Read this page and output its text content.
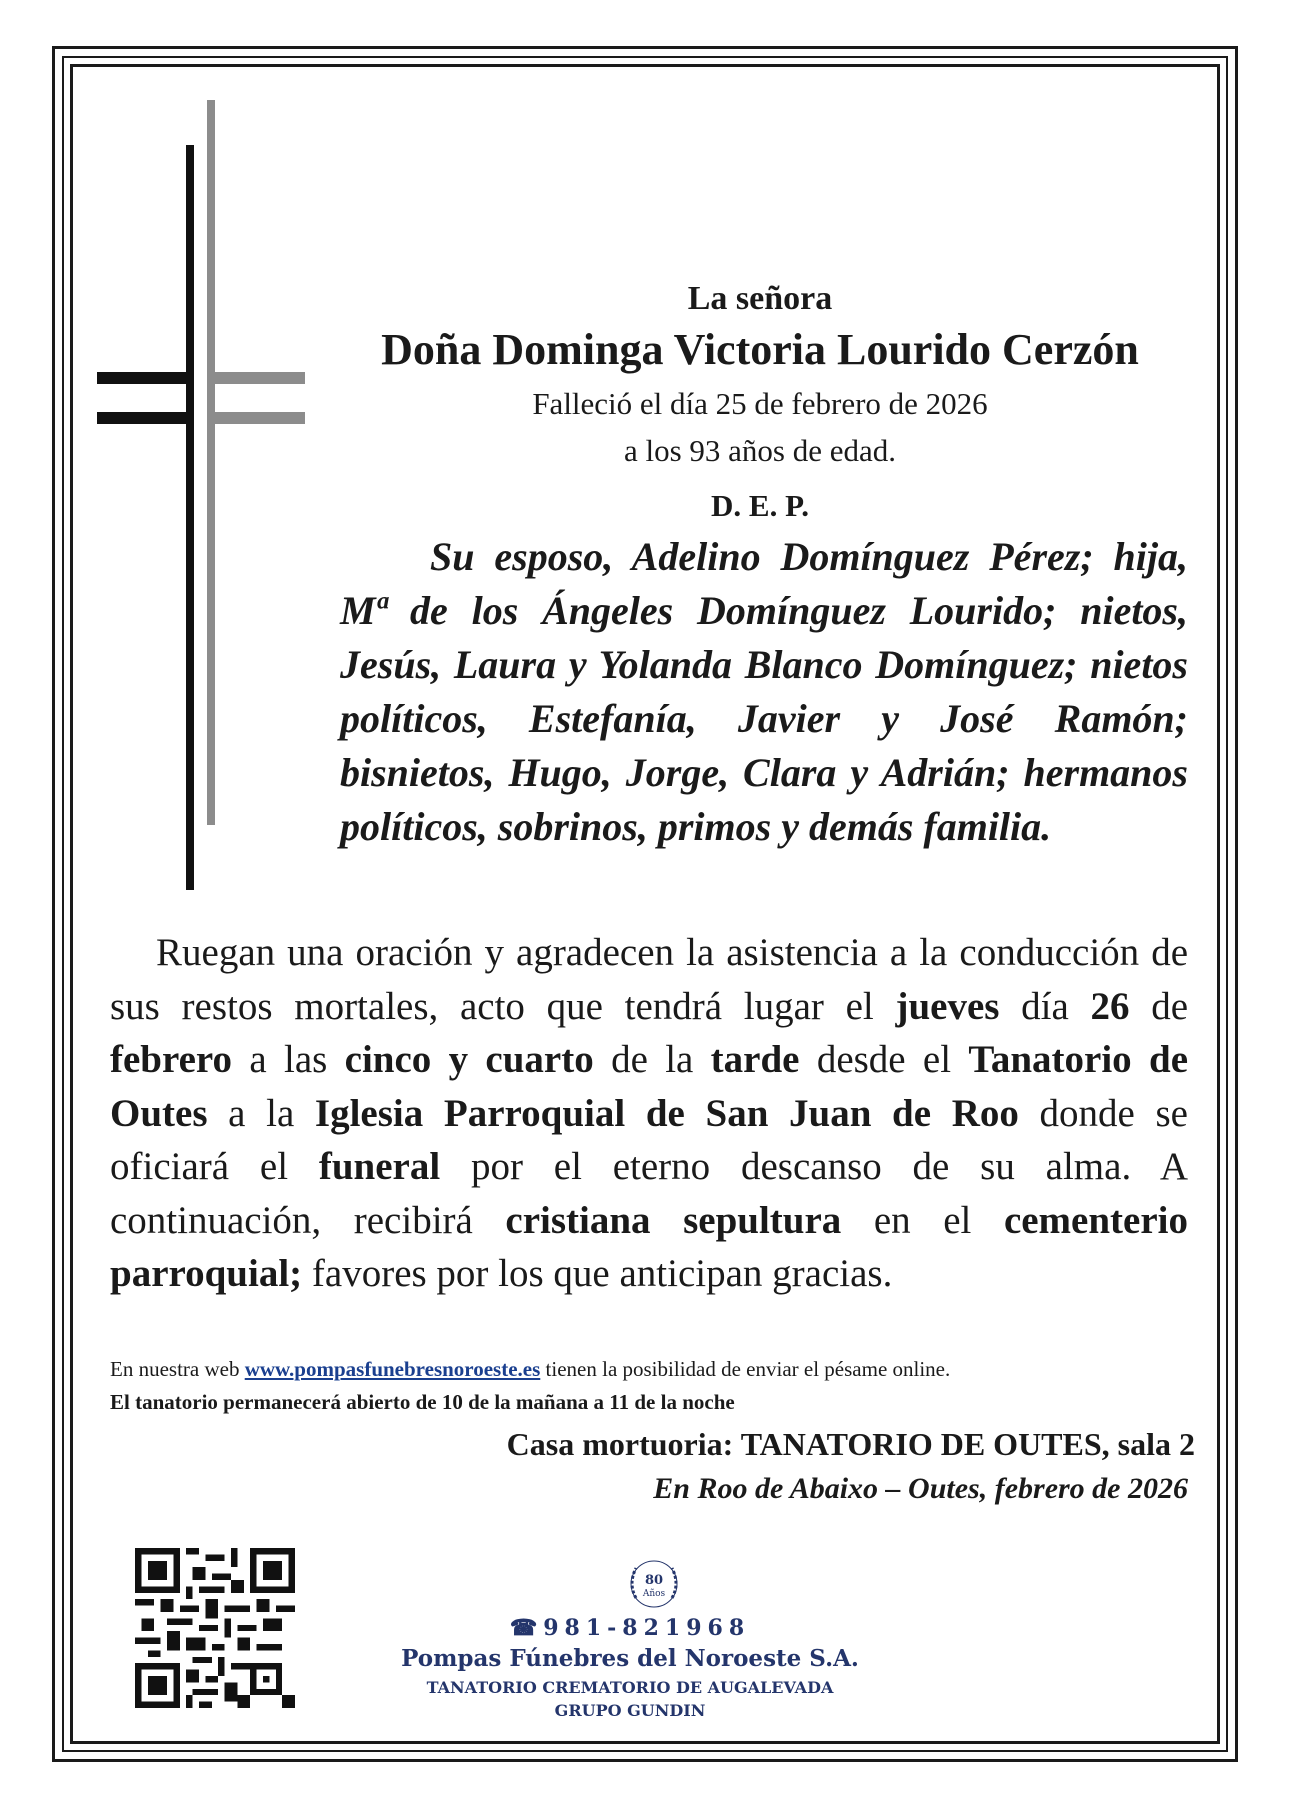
La señora
Doña Dominga Victoria Lourido Cerzón
Falleció el día 25 de febrero de 2026
a los 93 años de edad.
D. E. P.
Su esposo, Adelino Domínguez Pérez; hija, Mª de los Ángeles Domínguez Lourido; nietos, Jesús, Laura y Yolanda Blanco Domínguez; nietos políticos, Estefanía, Javier y José Ramón; bisnietos, Hugo, Jorge, Clara y Adrián; hermanos políticos, sobrinos, primos y demás familia.
Ruegan una oración y agradecen la asistencia a la conducción de sus restos mortales, acto que tendrá lugar el jueves día 26 de febrero a las cinco y cuarto de la tarde desde el Tanatorio de Outes a la Iglesia Parroquial de San Juan de Roo donde se oficiará el funeral por el eterno descanso de su alma. A continuación, recibirá cristiana sepultura en el cementerio parroquial; favores por los que anticipan gracias.
En nuestra web www.pompasfunebresnoroeste.es tienen la posibilidad de enviar el pésame online.
El tanatorio permanecerá abierto de 10 de la mañana a 11 de la noche
Casa mortuoria: TANATORIO DE OUTES, sala 2
En Roo de Abaixo – Outes, febrero de 2026
80
Años
☎981-821968
Pompas Fúnebres del Noroeste S.A.
TANATORIO CREMATORIO DE AUGALEVADA
GRUPO GUNDIN
